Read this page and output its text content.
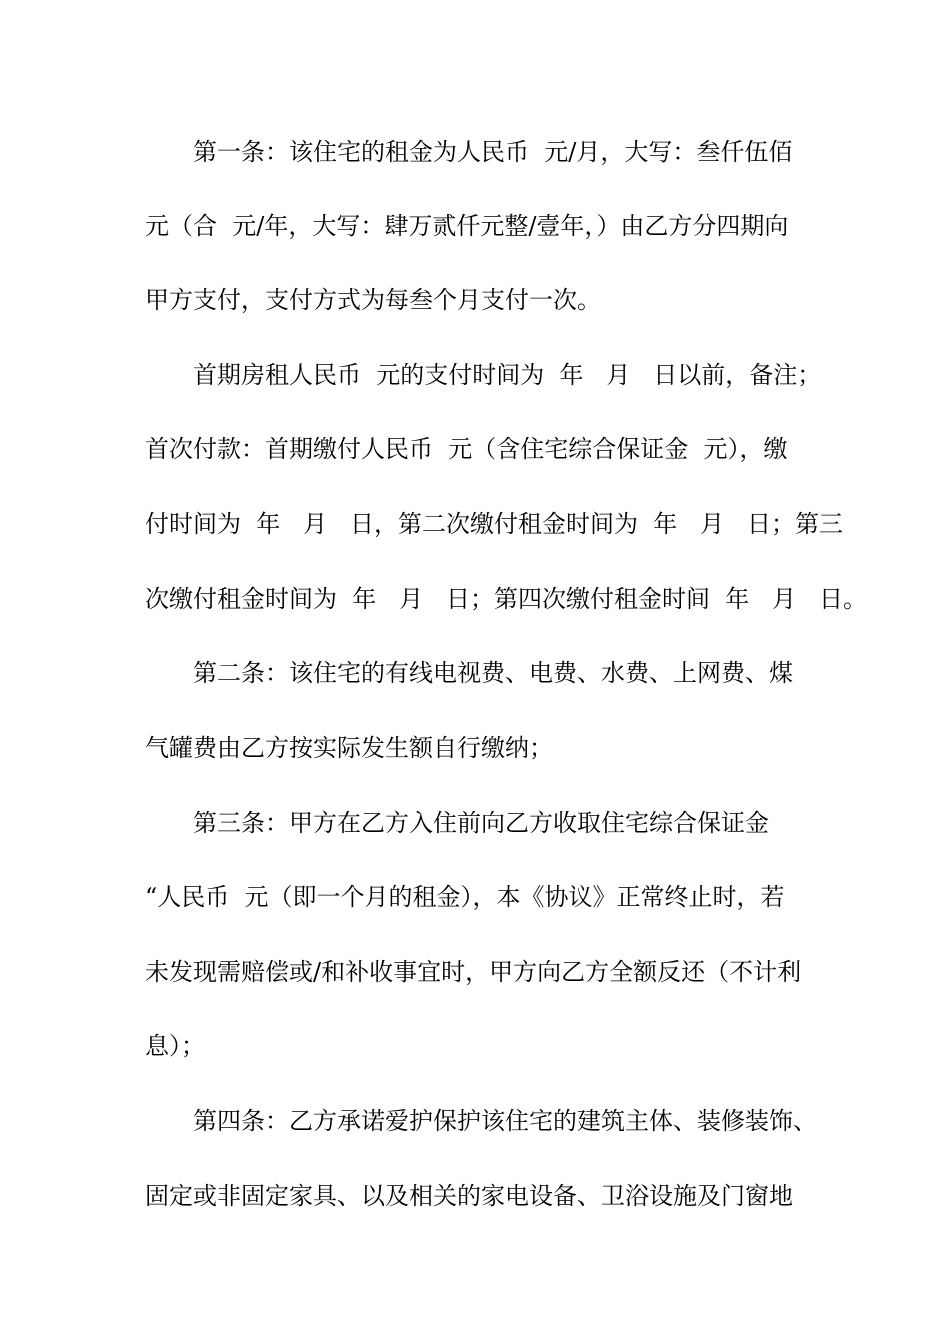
第一条：该住宅的租金为人民币  元/月，大写：叁仟伍佰
元（合  元/年，大写：肆万贰仟元整/壹年，）由乙方分四期向
甲方支付，支付方式为每叁个月支付一次。
首期房租人民币  元的支付时间为  年   月   日以前，备注；
首次付款：首期缴付人民币  元（含住宅综合保证金  元），缴
付时间为  年   月   日，第二次缴付租金时间为  年   月   日；第三
次缴付租金时间为  年   月   日；第四次缴付租金时间  年   月   日。
第二条：该住宅的有线电视费、电费、水费、上网费、煤
气罐费由乙方按实际发生额自行缴纳；
第三条：甲方在乙方入住前向乙方收取住宅综合保证金
“人民币  元（即一个月的租金），本《协议》正常终止时，若
未发现需赔偿或/和补收事宜时，甲方向乙方全额反还（不计利
息）；
第四条：乙方承诺爱护保护该住宅的建筑主体、装修装饰、
固定或非固定家具、以及相关的家电设备、卫浴设施及门窗地
